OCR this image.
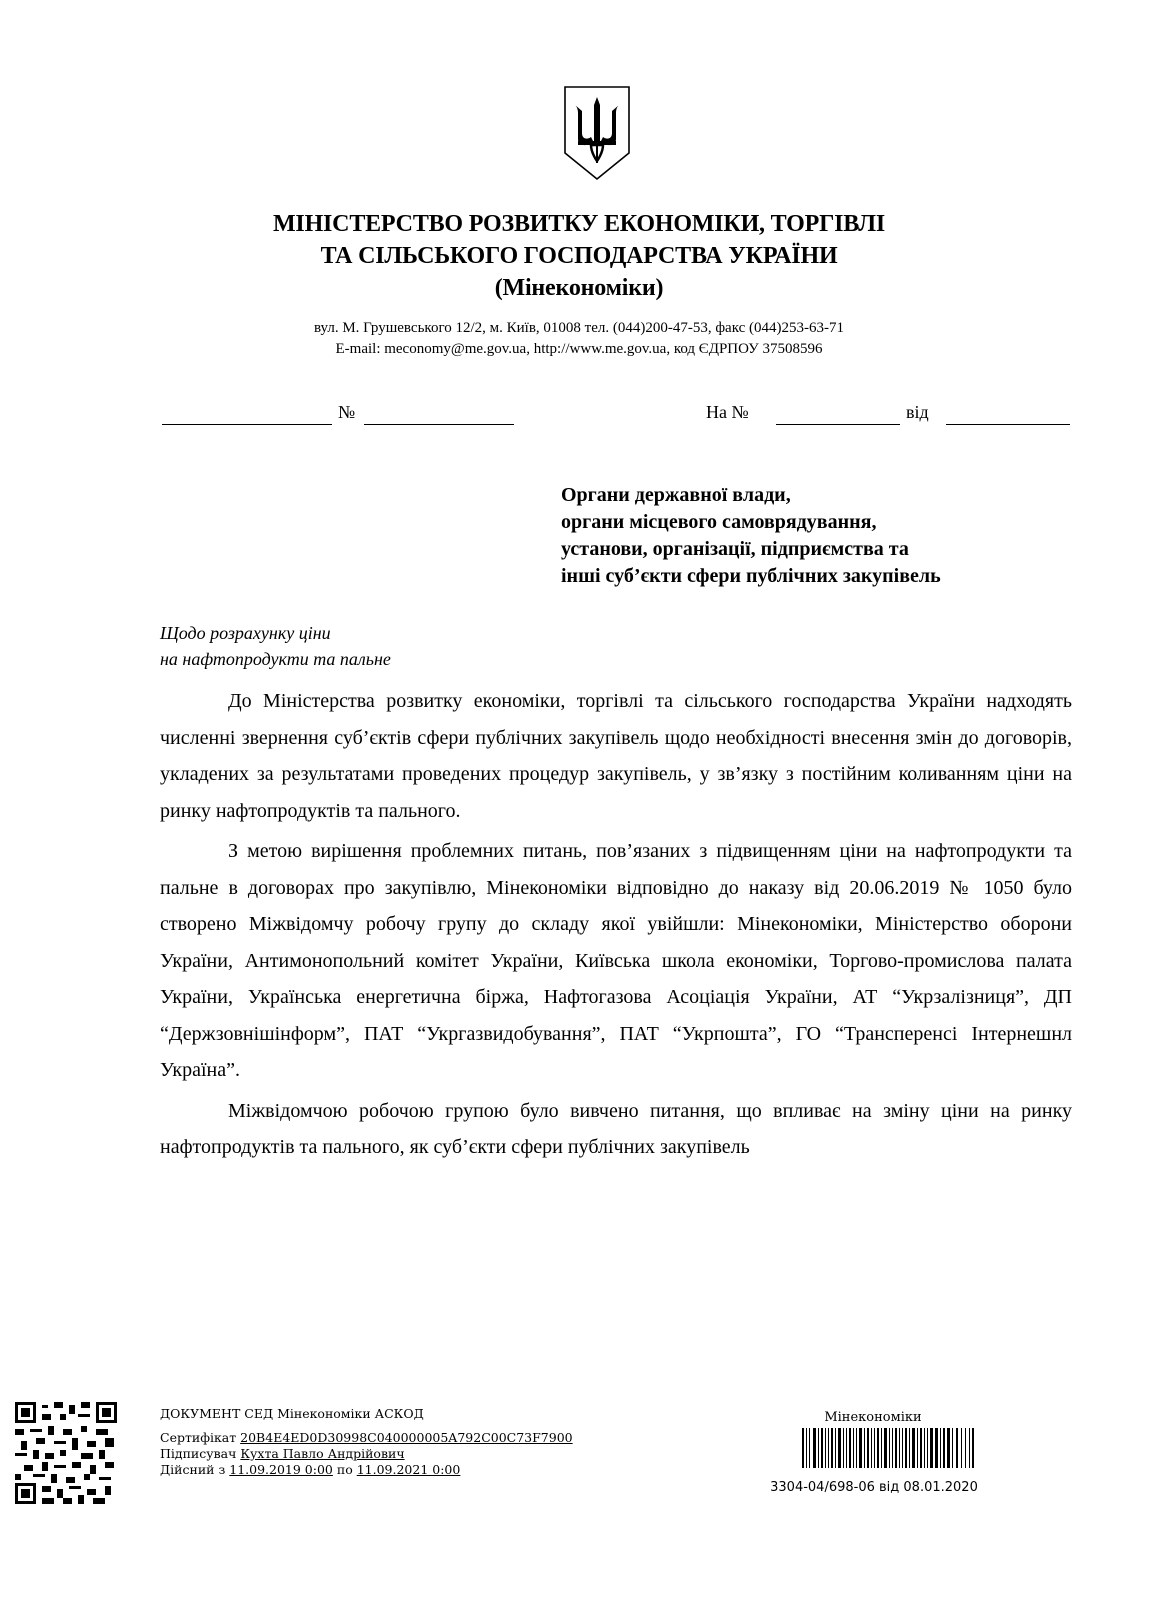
МІНІСТЕРСТВО РОЗВИТКУ ЕКОНОМІКИ, ТОРГІВЛІ
ТА СІЛЬСЬКОГО ГОСПОДАРСТВА УКРАЇНИ
(Мінекономіки)
вул. М. Грушевського 12/2, м. Київ, 01008 тел. (044)200-47-53, факс (044)253-63-71
E-mail: meconomy@me.gov.ua, http://www.me.gov.ua, код ЄДРПОУ 37508596
№	На №	від
Органи державної влади,
органи місцевого самоврядування,
установи, організації, підприємства та
інші суб’єкти сфери публічних закупівель
Щодо розрахунку ціни
на нафтопродукти та пальне

До Міністерства розвитку економіки, торгівлі та сільського господарства України надходять численні звернення суб’єктів сфери публічних закупівель щодо необхідності внесення змін до договорів, укладених за результатами проведених процедур закупівель, у зв’язку з постійним коливанням ціни на ринку нафтопродуктів та пального.

З метою вирішення проблемних питань, пов’язаних з підвищенням ціни на нафтопродукти та пальне в договорах про закупівлю, Мінекономіки відповідно до наказу від 20.06.2019 № 1050 було створено Міжвідомчу робочу групу до складу якої увійшли: Мінекономіки, Міністерство оборони України, Антимонопольний комітет України, Київська школа економіки, Торгово-промислова палата України, Українська енергетична біржа, Нафтогазова Асоціація України, АТ “Укрзалізниця”, ДП “Держзовнішінформ”, ПАТ “Укргазвидобування”, ПАТ “Укрпошта”, ГО “Трансперенсі Інтернешнл Україна”.

Міжвідомчою робочою групою було вивчено питання, що впливає на зміну ціни на ринку нафтопродуктів та пального, як суб’єкти сфери публічних закупівель

ДОКУМЕНТ СЕД Мінекономіки АСКОД
Сертифікат 20B4E4ED0D30998C040000005A792C00C73F7900
Підписувач Кухта Павло Андрійович
Дійсний з 11.09.2019 0:00 по 11.09.2021 0:00
Мінекономіки
3304-04/698-06 від 08.01.2020
